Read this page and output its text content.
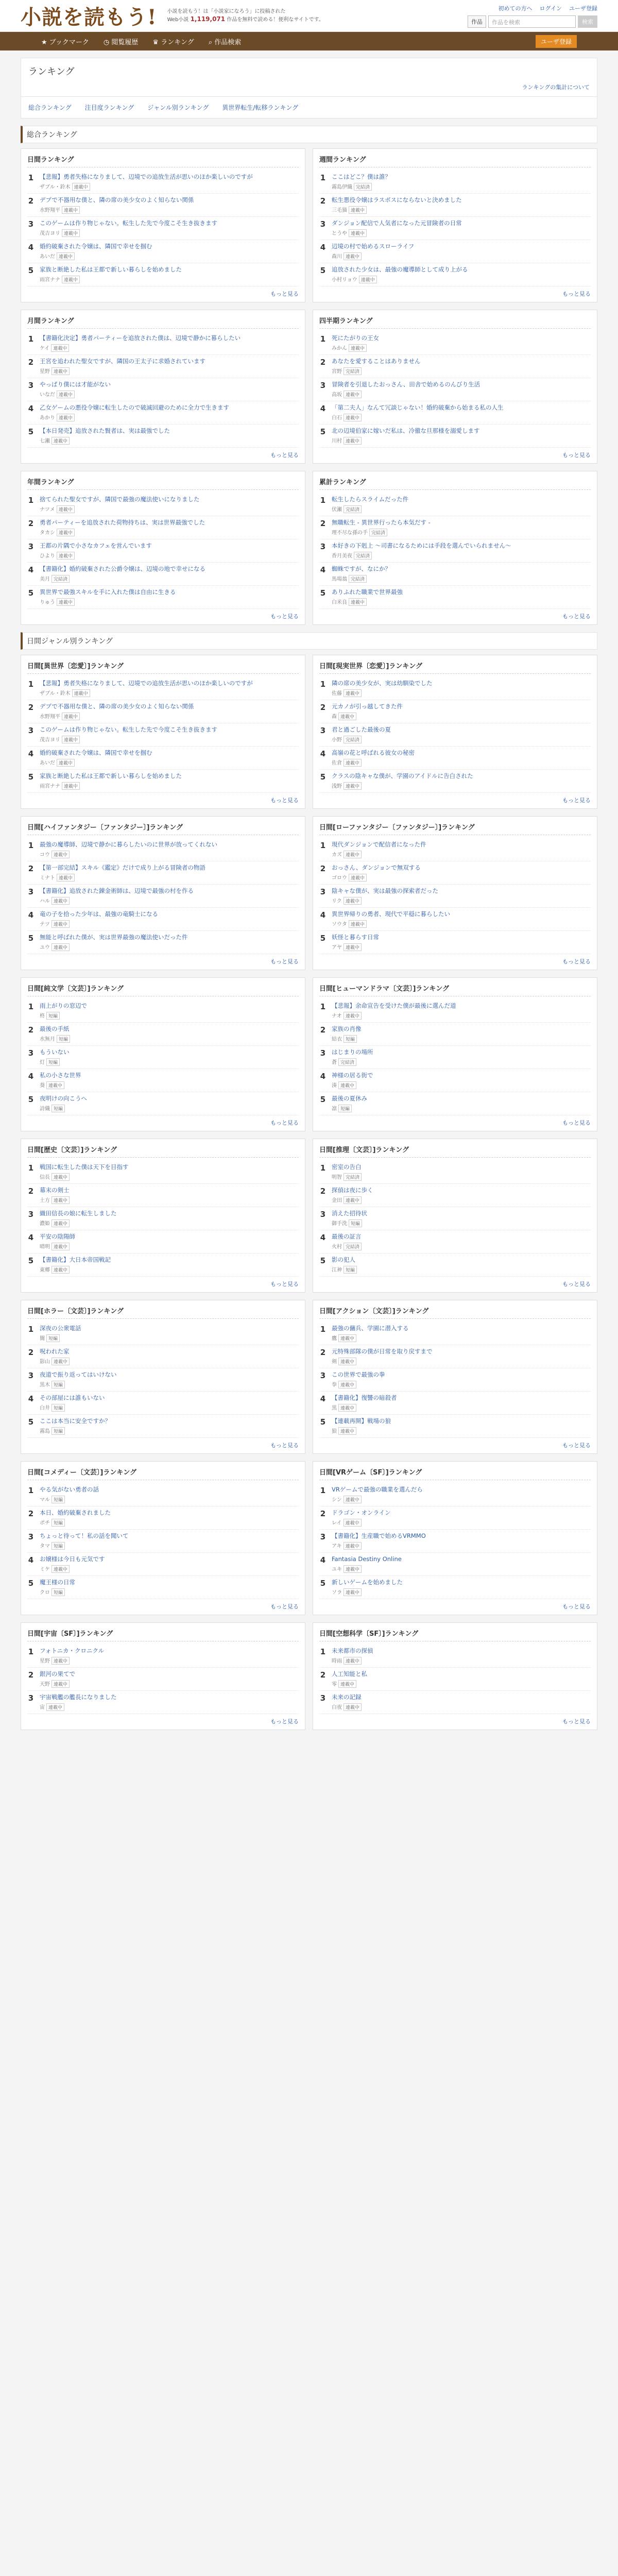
小説を読もう! 小説を読もう！は「小説家になろう」に投稿された
Web小説 1,119,071 作品を無料で読める！便利なサイトです。
初めての方へ ログイン ユーザ登録
作品	作品を検索	検索
★ ブックマーク ◷ 閲覧履歴 ♛ ランキング ⌕ 作品検索	ユーザ登録
ランキング
ランキングの集計について
総合ランキング 注目度ランキング ジャンル別ランキング 異世界転生/転移ランキング
総合ランキング
日間ランキング
1 【悲報】勇者失格になりまして、辺境での追放生活が思いのほか楽しいのですが
ザブル・鈴木 連載中
2 デブで不器用な僕と、隣の席の美少女のよく知らない関係
水野翔平 連載中
3 このゲームは作り物じゃない。転生した先で今度こそ生き抜きます
茂吉ヨリ 連載中
4 婚約破棄された令嬢は、隣国で幸せを掴む
あいだ 連載中
5 家族と断絶した私は王都で新しい暮らしを始めました
雨宮ナナ 連載中
もっと見る
週間ランキング
1 ここはどこ？僕は誰？
霧島伊織 完結済
2 転生悪役令嬢はラスボスにならないと決めました
三毛猫 連載中
3 ダンジョン配信で人気者になった元冒険者の日常
とうや 連載中
4 辺境の村で始めるスローライフ
森川 連載中
5 追放された少女は、最強の魔導師として成り上がる
小村リョウ 連載中
もっと見る
月間ランキング
1 【書籍化決定】勇者パーティーを追放された僕は、辺境で静かに暮らしたい
ケイ 連載中
2 王宮を追われた聖女ですが、隣国の王太子に求婚されています
星野 連載中
3 やっぱり僕には才能がない
いなだ 連載中
4 乙女ゲームの悪役令嬢に転生したので破滅回避のために全力で生きます
あかり 連載中
5 【本日発売】追放された賢者は、実は最強でした
七瀬 連載中
もっと見る
四半期ランキング
1 死にたがりの王女
みかん 連載中
2 あなたを愛することはありません
宮野 完結済
3 冒険者を引退したおっさん、田舎で始めるのんびり生活
高坂 連載中
4 「第二夫人」なんて冗談じゃない！婚約破棄から始まる私の人生
白石 連載中
5 北の辺境伯家に嫁いだ私は、冷徹な旦那様を溺愛します
川村 連載中
もっと見る
年間ランキング
1 捨てられた聖女ですが、隣国で最強の魔法使いになりました
ナツメ 連載中
2 勇者パーティーを追放された荷物持ちは、実は世界最強でした
タカシ 連載中
3 王都の片隅で小さなカフェを営んでいます
ひより 連載中
4 【書籍化】婚約破棄された公爵令嬢は、辺境の地で幸せになる
美月 完結済
5 異世界で最強スキルを手に入れた僕は自由に生きる
りゅう 連載中
もっと見る
累計ランキング
1 転生したらスライムだった件
伏瀬 完結済
2 無職転生 - 異世界行ったら本気だす -
理不尽な孫の手 完結済
3 本好きの下剋上 〜司書になるためには手段を選んでいられません〜
香月美夜 完結済
4 蜘蛛ですが、なにか？
馬場翁 完結済
5 ありふれた職業で世界最強
白米良 連載中
もっと見る
日間ジャンル別ランキング
日間[異世界〔恋愛〕]ランキング
1 【悲報】勇者失格になりまして、辺境での追放生活が思いのほか楽しいのですが
ザブル・鈴木 連載中
2 デブで不器用な僕と、隣の席の美少女のよく知らない関係
水野翔平 連載中
3 このゲームは作り物じゃない。転生した先で今度こそ生き抜きます
茂吉ヨリ 連載中
4 婚約破棄された令嬢は、隣国で幸せを掴む
あいだ 連載中
5 家族と断絶した私は王都で新しい暮らしを始めました
雨宮ナナ 連載中
もっと見る
日間[現実世界〔恋愛〕]ランキング
1 隣の席の美少女が、実は幼馴染でした
佐藤 連載中
2 元カノが引っ越してきた件
森 連載中
3 君と過ごした最後の夏
小野 完結済
4 高嶺の花と呼ばれる彼女の秘密
佐倉 連載中
5 クラスの陰キャな僕が、学園のアイドルに告白された
浅野 連載中
もっと見る
日間[ハイファンタジー〔ファンタジー〕]ランキング
1 最強の魔導師、辺境で静かに暮らしたいのに世界が放ってくれない
コウ 連載中
2 【第一部完結】スキル《鑑定》だけで成り上がる冒険者の物語
ミナト 連載中
3 【書籍化】追放された錬金術師は、辺境で最強の村を作る
ハル 連載中
4 竜の子を拾った少年は、最強の竜騎士になる
テツ 連載中
5 無能と呼ばれた僕が、実は世界最強の魔法使いだった件
ユウ 連載中
もっと見る
日間[ローファンタジー〔ファンタジー〕]ランキング
1 現代ダンジョンで配信者になった件
カズ 連載中
2 おっさん、ダンジョンで無双する
ゴロウ 連載中
3 陰キャな僕が、実は最強の探索者だった
リク 連載中
4 異世界帰りの勇者、現代で平穏に暮らしたい
ソウタ 連載中
5 妖怪と暮らす日常
アヤ 連載中
もっと見る
日間[純文学〔文芸〕]ランキング
1 雨上がりの窓辺で
柊 短編
2 最後の手紙
水無月 短編
3 もういない
灯 短編
4 私の小さな世界
葵 連載中
5 夜明けの向こうへ
詩織 短編
もっと見る
日間[ヒューマンドラマ〔文芸〕]ランキング
1 【悲報】余命宣告を受けた僕が最後に選んだ道
ナオ 連載中
2 家族の肖像
結衣 短編
3 はじまりの場所
蒼 完結済
4 神様の居る街で
湊 連載中
5 最後の夏休み
凛 短編
もっと見る
日間[歴史〔文芸〕]ランキング
1 戦国に転生した僕は天下を目指す
信長 連載中
2 幕末の剣士
土方 連載中
3 織田信長の娘に転生しました
濃姫 連載中
4 平安の陰陽師
晴明 連載中
5 【書籍化】大日本帝国戦記
東郷 連載中
もっと見る
日間[推理〔文芸〕]ランキング
1 密室の告白
明智 完結済
2 探偵は夜に歩く
金田 連載中
3 消えた招待状
御手洗 短編
4 最後の証言
火村 完結済
5 影の犯人
江神 短編
もっと見る
日間[ホラー〔文芸〕]ランキング
1 深夜の公衆電話
闇 短編
2 呪われた家
影山 連載中
3 夜道で振り返ってはいけない
黒木 短編
4 その部屋には誰もいない
白井 短編
5 ここは本当に安全ですか？
霧島 短編
もっと見る
日間[アクション〔文芸〕]ランキング
1 最強の傭兵、学園に潜入する
鷹 連載中
2 元特殊部隊の僕が日常を取り戻すまで
剣 連載中
3 この世界で最強の拳
拳 連載中
4 【書籍化】復讐の暗殺者
黒 連載中
5 【連載再開】戦場の狼
狼 連載中
もっと見る
日間[コメディー〔文芸〕]ランキング
1 やる気がない勇者の話
マル 短編
2 本日、婚約破棄されました
ポチ 短編
3 ちょっと待って！私の話を聞いて
タマ 短編
4 お嬢様は今日も元気です
ミケ 連載中
5 魔王様の日常
クロ 短編
もっと見る
日間[VRゲーム〔SF〕]ランキング
1 VRゲームで最強の職業を選んだら
シン 連載中
2 ドラゴン・オンライン
レイ 連載中
3 【書籍化】生産職で始めるVRMMO
アキ 連載中
4 Fantasia Destiny Online
ユキ 連載中
5 新しいゲームを始めました
ソラ 連載中
もっと見る
日間[宇宙〔SF〕]ランキング
1 フォトニカ・クロニクル
星野 連載中
2 銀河の果てで
天野 連載中
3 宇宙戦艦の艦長になりました
宙 連載中
もっと見る
日間[空想科学〔SF〕]ランキング
1 未来都市の探偵
時雨 連載中
2 人工知能と私
零 連載中
3 未来の記録
白夜 連載中
もっと見る
